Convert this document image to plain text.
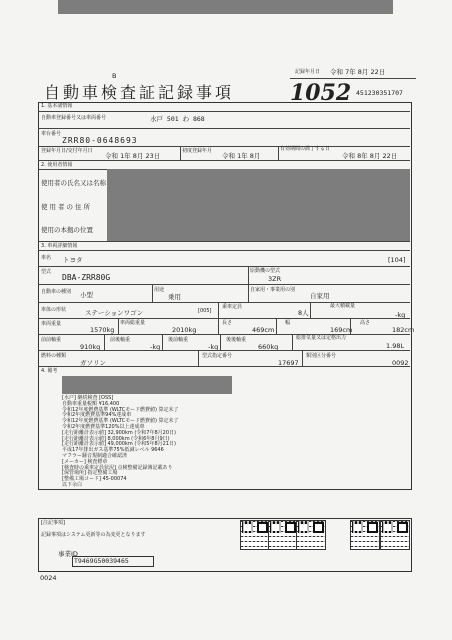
記録年月日 令和 7年 8月 22日
B
自動車検査証記録事項	1052 451230351707
1. 基本諸情報
自動車登録番号又は車両番号	水戸 501 わ 868
車台番号
ZRR80-0648693
登録年月日/交付年月日
令和 1年 8月 23日
初度登録年月
令和 1年 8月
有効期間の満了する日
令和 8年 8月 22日
2. 使用者情報
使用者の氏名又は名称
使用者の住所
使用の本拠の位置
3. 車両詳細情報
車名 トヨタ	[104]
型式
DBA-ZRR80G
原動機の型式
3ZR
自動車の種別 小型
用途
乗用
自家用・事業用の別
自家用
車体の形状	ステーションワゴン	[005]
乗車定員
8人
最大積載量
-kg
車両重量
1570kg
車両総重量
2010kg
長さ
469cm
幅
169cm
高さ
182cm
前前軸重
910kg
前後軸重
-kg
後前軸重
-kg
後後軸重
660kg
総排気量又は定格出力
1.98L
燃料の種類
ガソリン
型式指定番号
17697
類別区分番号
0092
4. 備考
[水戸] 継続検査 [OSS]
自動車重量税額 ¥16,400
令和12年度燃費基準 (WLTCモード燃費値) 算定未了
令和2年度燃費基準94%達成車
令和12年度燃費基準 (WLTCモード燃費値) 算定未了
令和2年度燃費基準120%以上達成車
[走行距離計表示値] 32,900km (令和7年8月20日)
[走行距離計表示値] 8,000km (令和6年8月9日)
[走行距離計表示値] 49,000km (令和5年8月21日)
平成17年排出ガス基準75%低減レベル 9646
マフラー騒音規制適合確認済
[メーカー] 検査標章
[検査時の乗車定員状況] 点検整備記録簿記載あり
[保管場所] 指定整備工場
[整備工場コード] 45-00074
以下余白
[注記事項]
記録事項はシステム更新等の為変更となります
事業ID
T9469G50039465
0024
